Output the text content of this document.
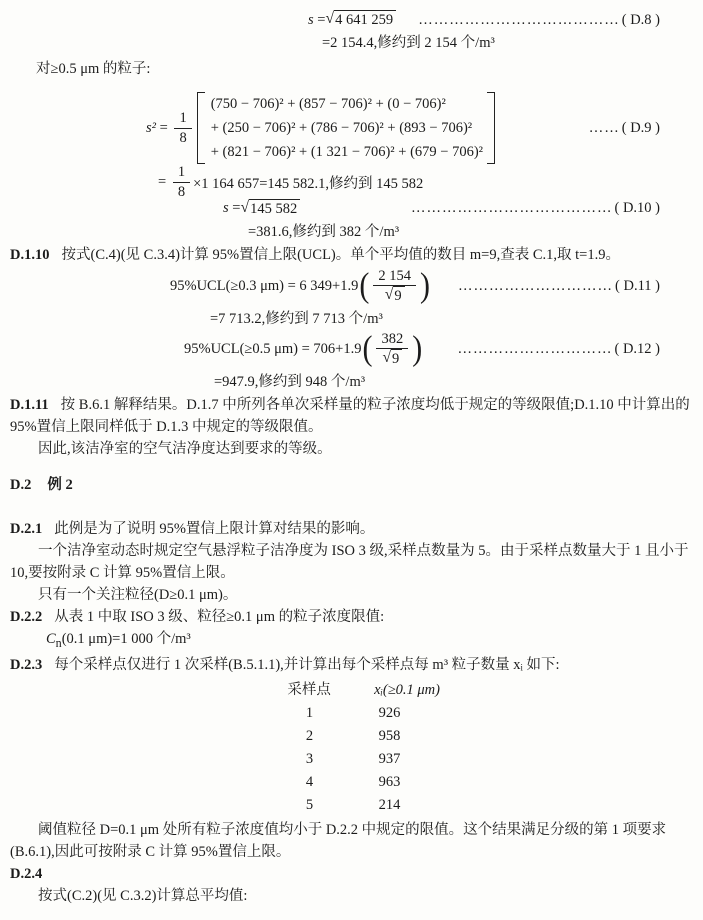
s = √ 4 641 259 ………………………………… ( D.8 )
=2 154.4,修约到 2 154 个/m³

对≥0.5 μm 的粒子:

$s^2 = \frac{1}{8}$
(750 − 706)² + (857 − 706)² + (0 − 706)²
+ (250 − 706)² + (786 − 706)² + (893 − 706)²
+ (821 − 706)² + (1 321 − 706)² + (679 − 706)²
…… ( D.9 )
= $\frac{1}{8} \times 1$ 164 657=145 582.1,修约到 145 582
s = √ 145 582	………………………………… ( D.10 )
=381.6,修约到 382 个/m³

D.1.10 按式(C.4)(见 C.3.4)计算 95%置信上限(UCL)。单个平均值的数目 m=9,查表 C.1,取 t=1.9。

95%UCL(≥0.3 μm) = 6 349+1.9 ( $\frac{2 154}{√ 9}$ ) ………………………… ( D.11 )
=7 713.2,修约到 7 713 个/m³
95%UCL(≥0.5 μm) = 706+1.9 ( $\frac{382}{√ 9}$ ) ………………………… ( D.12 )
=947.9,修约到 948 个/m³

D.1.11 按 B.6.1 解释结果。D.1.7 中所列各单次采样量的粒子浓度均低于规定的等级限值;D.1.10 中计算出的 95%置信上限同样低于 D.1.3 中规定的等级限值。

因此,该洁净室的空气洁净度达到要求的等级。

D.2 例 2

D.2.1 此例是为了说明 95%置信上限计算对结果的影响。

一个洁净室动态时规定空气悬浮粒子洁净度为 ISO 3 级,采样点数量为 5。由于采样点数量大于 1 且小于 10,要按附录 C 计算 95%置信上限。

只有一个关注粒径(D≥0.1 μm)。

D.2.2 从表 1 中取 ISO 3 级、粒径≥0.1 μm 的粒子浓度限值:

$C_n(0.1$ μm)=1 000 个/m³

D.2.3 每个采样点仅进行 1 次采样(B.5.1.1),并计算出每个采样点每 m³ 粒子数量 xᵢ 如下:

采样点	xᵢ(≥0.1 μm)
1	926
2	958
3	937
4	963
5	214

阈值粒径 D=0.1 μm 处所有粒子浓度值均小于 D.2.2 中规定的限值。这个结果满足分级的第 1 项要求(B.6.1),因此可按附录 C 计算 95%置信上限。

D.2.4

按式(C.2)(见 C.3.2)计算总平均值:
